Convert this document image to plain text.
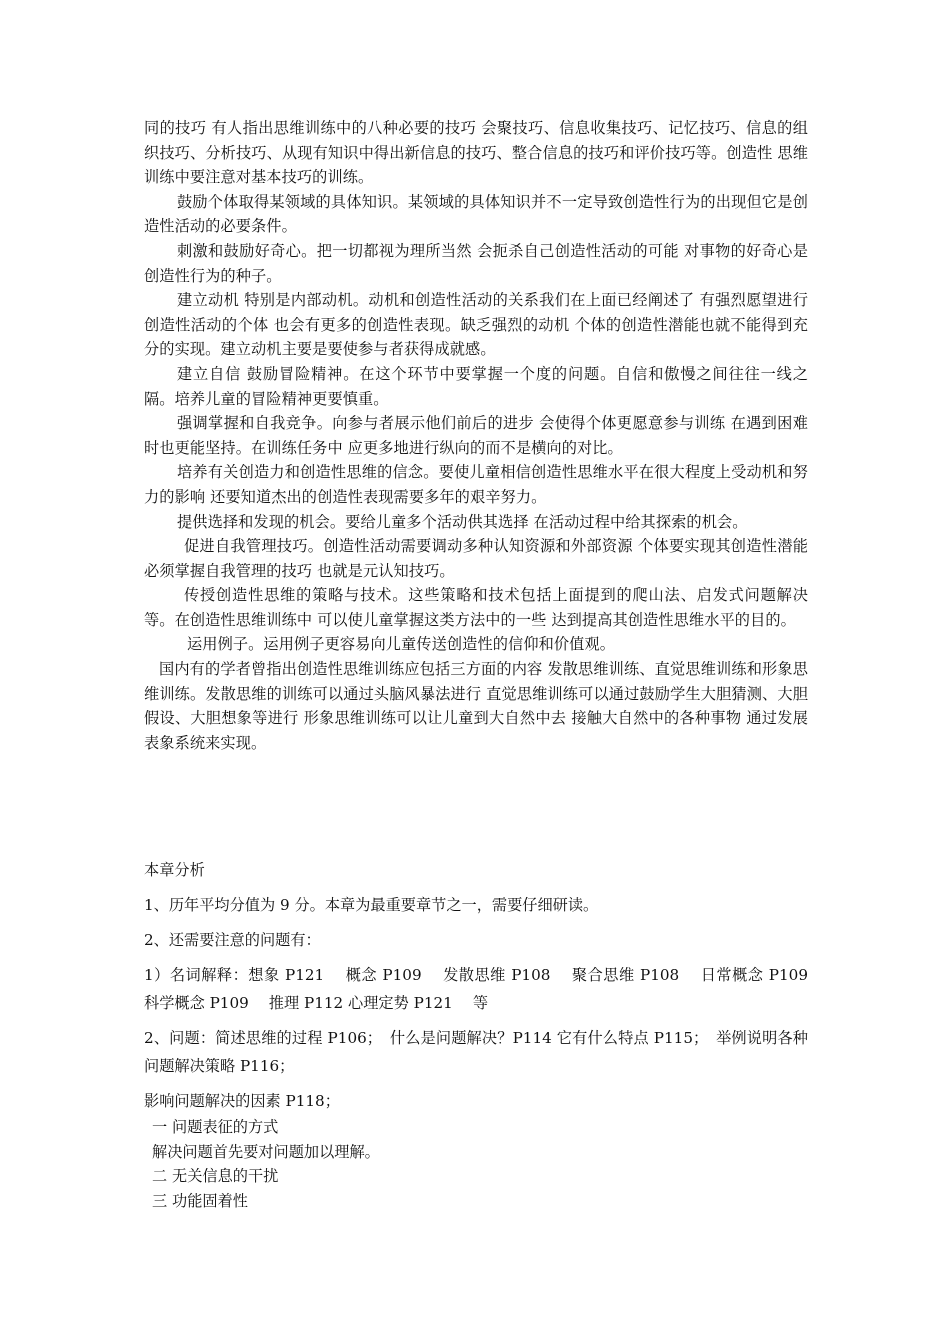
同的技巧 有人指出思维训练中的八种必要的技巧 会聚技巧、信息收集技巧、记忆技巧、信息的组织技巧、分析技巧、从现有知识中得出新信息的技巧、整合信息的技巧和评价技巧等。创造性 思维训练中要注意对基本技巧的训练。

鼓励个体取得某领域的具体知识。某领域的具体知识并不一定导致创造性行为的出现但它是创造性活动的必要条件。

刺激和鼓励好奇心。把一切都视为理所当然 会扼杀自己创造性活动的可能 对事物的好奇心是创造性行为的种子。

建立动机 特别是内部动机。动机和创造性活动的关系我们在上面已经阐述了 有强烈愿望进行创造性活动的个体 也会有更多的创造性表现。缺乏强烈的动机 个体的创造性潜能也就不能得到充分的实现。建立动机主要是要使参与者获得成就感。

建立自信 鼓励冒险精神。在这个环节中要掌握一个度的问题。自信和傲慢之间往往一线之隔。培养儿童的冒险精神更要慎重。

强调掌握和自我竞争。向参与者展示他们前后的进步 会使得个体更愿意参与训练 在遇到困难时也更能坚持。在训练任务中 应更多地进行纵向的而不是横向的对比。

培养有关创造力和创造性思维的信念。要使儿童相信创造性思维水平在很大程度上受动机和努力的影响 还要知道杰出的创造性表现需要多年的艰辛努力。

提供选择和发现的机会。要给儿童多个活动供其选择 在活动过程中给其探索的机会。

促进自我管理技巧。创造性活动需要调动多种认知资源和外部资源 个体要实现其创造性潜能 必须掌握自我管理的技巧 也就是元认知技巧。

传授创造性思维的策略与技术。这些策略和技术包括上面提到的爬山法、启发式问题解决等。在创造性思维训练中 可以使儿童掌握这类方法中的一些 达到提高其创造性思维水平的目的。

运用例子。运用例子更容易向儿童传送创造性的信仰和价值观。

国内有的学者曾指出创造性思维训练应包括三方面的内容 发散思维训练、直觉思维训练和形象思维训练。发散思维的训练可以通过头脑风暴法进行 直觉思维训练可以通过鼓励学生大胆猜测、大胆假设、大胆想象等进行 形象思维训练可以让儿童到大自然中去 接触大自然中的各种事物 通过发展表象系统来实现。

本章分析

1、历年平均分值为 9 分。本章为最重要章节之一，需要仔细研读。

2、还需要注意的问题有：

1）名词解释：想象 P121　 概念 P109　 发散思维 P108　 聚合思维 P108　 日常概念 P109　 科学概念 P109　 推理 P112 心理定势 P121　 等

2、问题：简述思维的过程 P106；　什么是问题解决？P114 它有什么特点 P115；　举例说明各种问题解决策略 P116；

影响问题解决的因素 P118；

一 问题表征的方式

解决问题首先要对问题加以理解。

二 无关信息的干扰

三 功能固着性
